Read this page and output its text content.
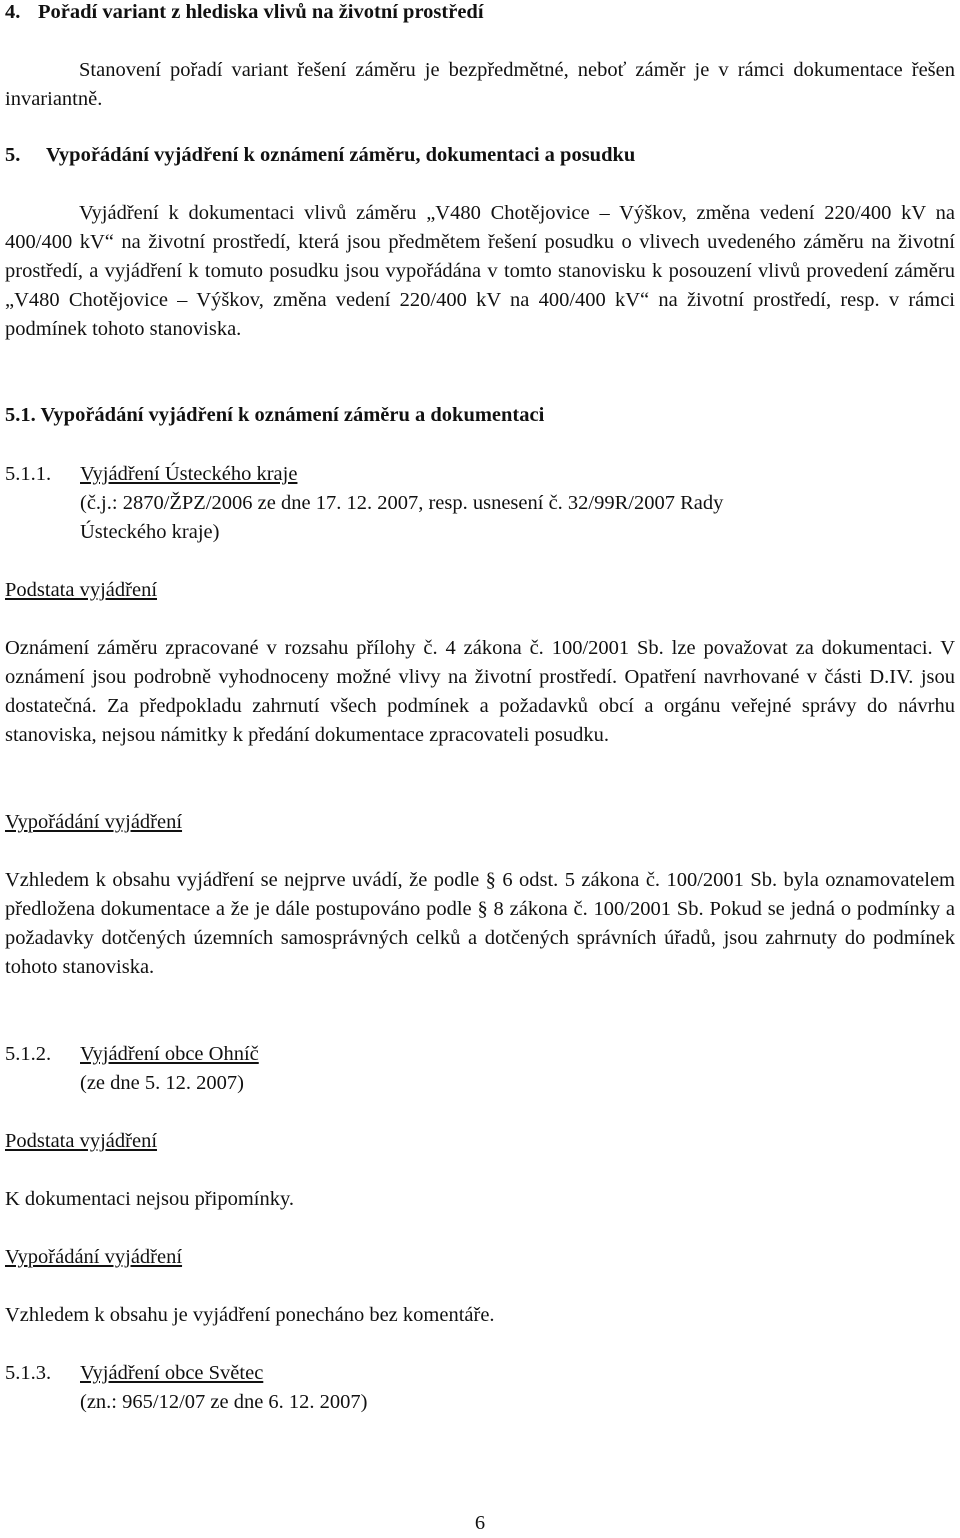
4. Pořadí variant z hlediska vlivů na životní prostředí

Stanovení pořadí variant řešení záměru je bezpředmětné, neboť záměr je v rámci dokumentace řešen invariantně.

5. Vypořádání vyjádření k oznámení záměru, dokumentaci a posudku

Vyjádření k dokumentaci vlivů záměru „V480 Chotějovice – Výškov, změna vedení 220/400 kV na 400/400 kV“ na životní prostředí, která jsou předmětem řešení posudku o vlivech uvedeného záměru na životní prostředí, a vyjádření k tomuto posudku jsou vypořádána v tomto stanovisku k posouzení vlivů provedení záměru „V480 Chotějovice – Výškov, změna vedení 220/400 kV na 400/400 kV“ na životní prostředí, resp. v rámci podmínek tohoto stanoviska.

5.1. Vypořádání vyjádření k oznámení záměru a dokumentaci

5.1.1. Vyjádření Ústeckého kraje

(č.j.: 2870/ŽPZ/2006 ze dne 17. 12. 2007, resp. usnesení č. 32/99R/2007 Rady

Ústeckého kraje)

Podstata vyjádření

Oznámení záměru zpracované v rozsahu přílohy č. 4 zákona č. 100/2001 Sb. lze považovat za dokumentaci. V oznámení jsou podrobně vyhodnoceny možné vlivy na životní prostředí. Opatření navrhované v části D.IV. jsou dostatečná. Za předpokladu zahrnutí všech podmínek a požadavků obcí a orgánu veřejné správy do návrhu stanoviska, nejsou námitky k předání dokumentace zpracovateli posudku.

Vypořádání vyjádření

Vzhledem k obsahu vyjádření se nejprve uvádí, že podle § 6 odst. 5 zákona č. 100/2001 Sb. byla oznamovatelem předložena dokumentace a že je dále postupováno podle § 8 zákona č. 100/2001 Sb. Pokud se jedná o podmínky a požadavky dotčených územních samosprávných celků a dotčených správních úřadů, jsou zahrnuty do podmínek tohoto stanoviska.

5.1.2. Vyjádření obce Ohníč

(ze dne 5. 12. 2007)

Podstata vyjádření

K dokumentaci nejsou připomínky.

Vypořádání vyjádření

Vzhledem k obsahu je vyjádření ponecháno bez komentáře.

5.1.3. Vyjádření obce Světec

(zn.: 965/12/07 ze dne 6. 12. 2007)

6
